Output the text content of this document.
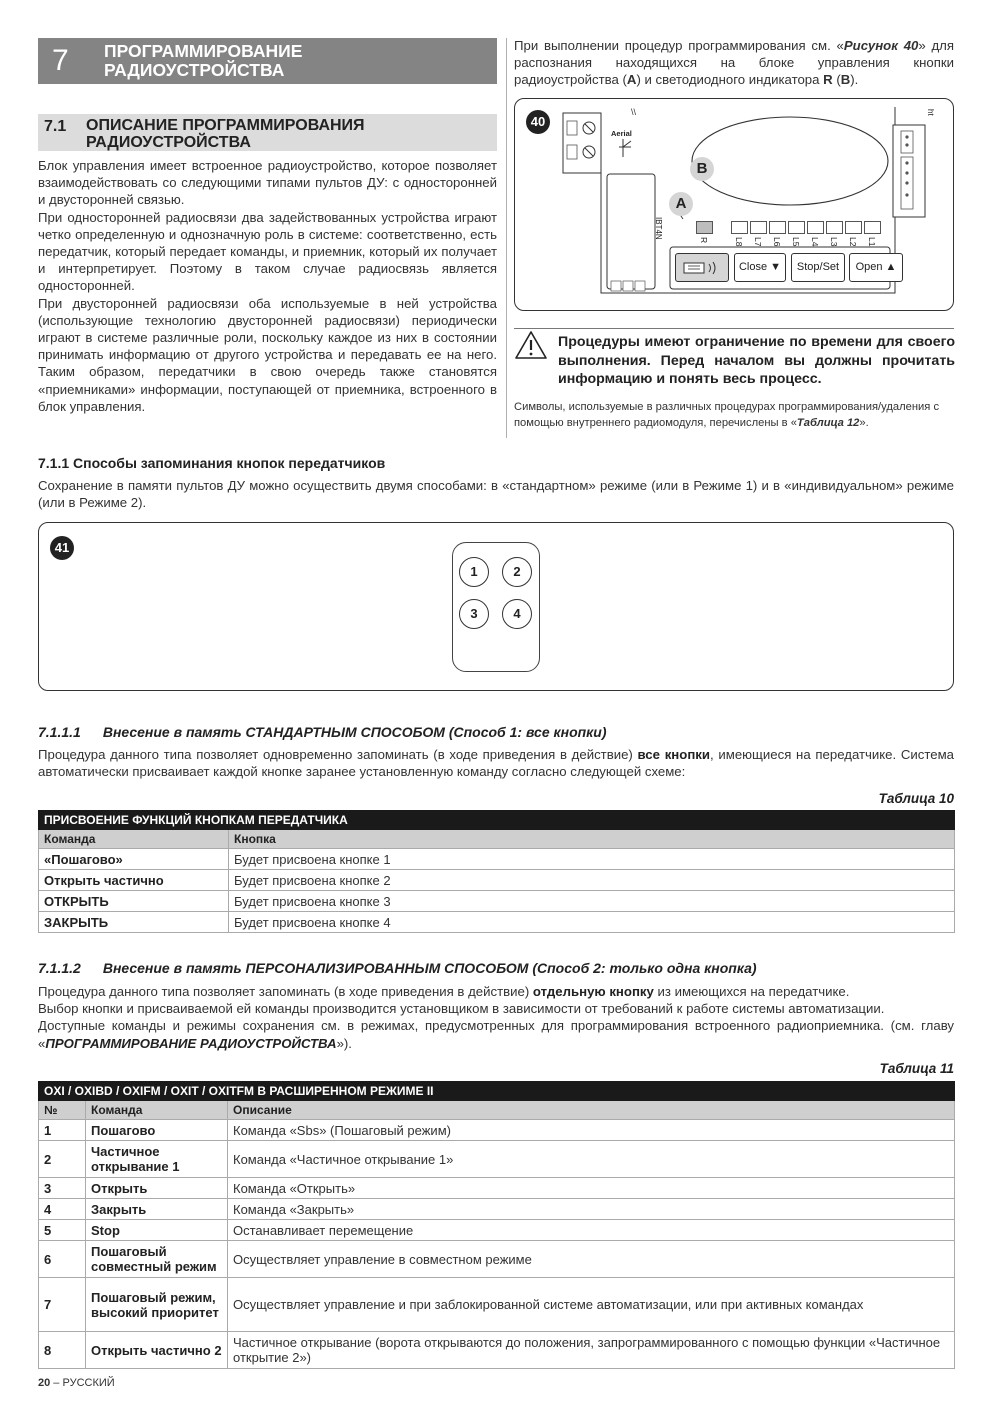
7 ПРОГРАММИРОВАНИЕ
РАДИОУСТРОЙСТВА
7.1 ОПИСАНИЕ ПРОГРАММИРОВАНИЯ
РАДИОУСТРОЙСТВА

Блок управления имеет встроенное радиоустройство, которое позволяет взаимодействовать со следующими типами пультов ДУ: с односторонней и двусторонней связью.

При односторонней радиосвязи два задействованных устройства играют четко определенную и однозначную роль в системе: соответственно, есть передатчик, который передает команды, и приемник, который их получает и интерпретирует. Поэтому в таком случае радиосвязь является односторонней.

При двусторонней радиосвязи оба используемые в ней устройства (использующие технологию двусторонней радиосвязи) периодически играют в системе различные роли, поскольку каждое из них в состоянии принимать информацию от другого устройства и передавать ее на него. Таким образом, передатчики в свою очередь также становятся «приемниками» информации, поступающей от приемника, встроенного в блок управления.

При выполнении процедур программирования см. «Рисунок 40» для распознания находящихся на блоке управления кнопки радиоустройства (A) и светодиодного индикатора R (B).
\\
40
Aerial
IBT4N
ht
A
B
R	L8 L7 L6 L5 L4 L3 L2 L1
Close ▼	Stop/Set	Open ▲
Процедуры имеют ограничение по времени для своего выполнения. Перед началом вы должны прочитать информацию и понять весь процесс.
Символы, используемые в различных процедурах программирования/удаления с помощью внутреннего радиомодуля, перечислены в «Таблица 12».
7.1.1 Способы запоминания кнопок передатчиков
Сохранение в памяти пультов ДУ можно осуществить двумя способами: в «стандартном» режиме (или в Режиме 1) и в «индивидуальном» режиме (или в Режиме 2).
41
1	2
3	4
7.1.1.1 Внесение в память СТАНДАРТНЫМ СПОСОБОМ (Способ 1: все кнопки)
Процедура данного типа позволяет одновременно запоминать (в ходе приведения в действие) все кнопки, имеющиеся на передатчике. Система автоматически присваивает каждой кнопке заранее установленную команду согласно следующей схеме:
Таблица 10
ПРИСВОЕНИЕ ФУНКЦИЙ КНОПКАМ ПЕРЕДАТЧИКА	
Команда	Кнопка
«Пошагово»	Будет присвоена кнопке 1
Открыть частично	Будет присвоена кнопке 2
ОТКРЫТЬ	Будет присвоена кнопке 3
ЗАКРЫТЬ	Будет присвоена кнопке 4
7.1.1.2 Внесение в память ПЕРСОНАЛИЗИРОВАННЫМ СПОСОБОМ (Способ 2: только одна кнопка)

Процедура данного типа позволяет запоминать (в ходе приведения в действие) отдельную кнопку из имеющихся на передатчике.

Выбор кнопки и присваиваемой ей команды производится установщиком в зависимости от требований к работе системы автоматизации.

Доступные команды и режимы сохранения см. в режимах, предусмотренных для программирования встроенного радиоприемника. (см. главу «ПРОГРАММИРОВАНИЕ РАДИОУСТРОЙСТВА»).

Таблица 11
OXI / OXIBD / OXIFM / OXIT / OXITFM В РАСШИРЕННОМ РЕЖИМЕ II		
№	Команда	Описание
1	Пошагово	Команда «Sbs» (Пошаговый режим)
2	Частичное открывание 1	Команда «Частичное открывание 1»
3	Открыть	Команда «Открыть»
4	Закрыть	Команда «Закрыть»
5	Stop	Останавливает перемещение
6	Пошаговый совместный режим	Осуществляет управление в совместном режиме
7	Пошаговый режим, высокий приоритет	Осуществляет управление и при заблокированной системе автоматизации, или при активных командах
8	Открыть частично 2	Частичное открывание (ворота открываются до положения, запрограммированного с помощью функции «Частичное открытие 2»)
20 – РУССКИЙ
